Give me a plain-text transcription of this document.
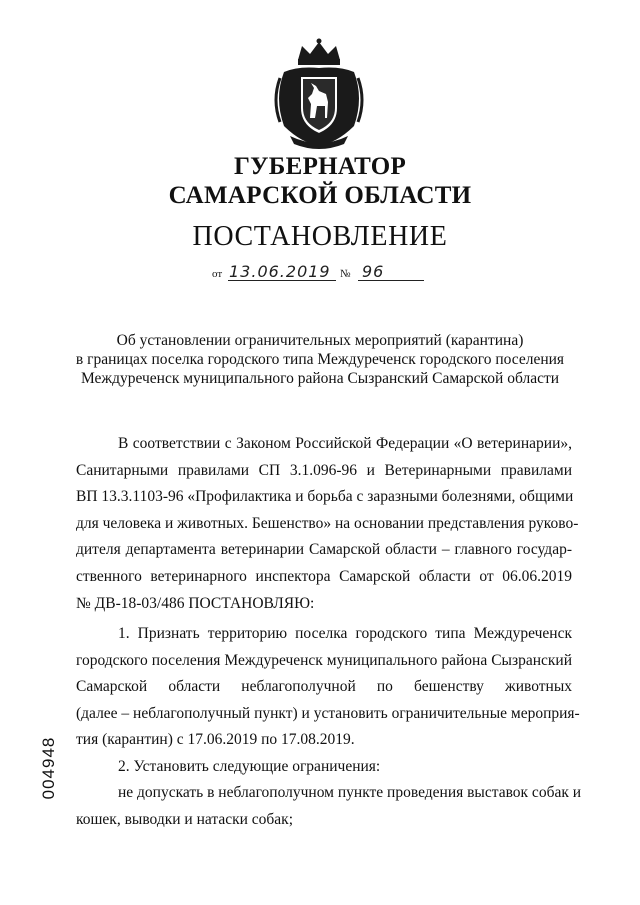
ГУБЕРНАТОР
САМАРСКОЙ ОБЛАСТИ
ПОСТАНОВЛЕНИЕ
от 13.06.2019 № 96
Об установлении ограничительных мероприятий (карантина)
в границах поселка городского типа Междуреченск городского поселения
Междуреченск муниципального района Сызранский Самарской области
В соответствии с Законом Российской Федерации «О ветеринарии»,
Санитарными правилами СП 3.1.096-96 и Ветеринарными правилами
ВП 13.3.1103-96 «Профилактика и борьба с заразными болезнями, общими
для человека и животных. Бешенство» на основании представления руково-
дителя департамента ветеринарии Самарской области – главного государ-
ственного ветеринарного инспектора Самарской области от 06.06.2019
№ ДВ-18-03/486 ПОСТАНОВЛЯЮ:
1. Признать территорию поселка городского типа Междуреченск
городского поселения Междуреченск муниципального района Сызранский
Самарской области неблагополучной по бешенству животных
(далее – неблагополучный пункт) и установить ограничительные мероприя-
тия (карантин) с 17.06.2019 по 17.08.2019.
2. Установить следующие ограничения:
не допускать в неблагополучном пункте проведения выставок собак и
кошек, выводки и натаски собак;
004948
